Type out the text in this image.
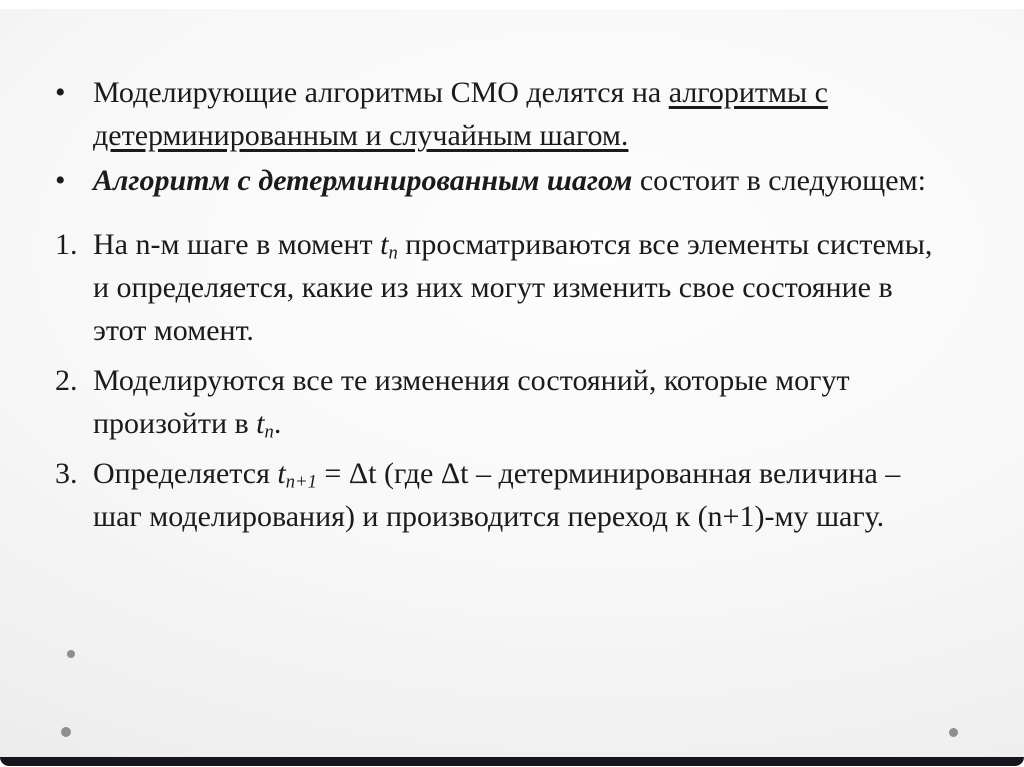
• Моделирующие алгоритмы СМО делятся на алгоритмы с детерминированным и случайным шагом.
• Алгоритм с детерминированным шагом состоит в следующем:
1. На n-м шаге в момент $t_n$ просматриваются все элементы системы, и определяется, какие из них могут изменить свое состояние в этот момент.
2. Моделируются все те изменения состояний, которые могут произойти в $t_n$.
3. Определяется $t_{n+1} = \Delta t$ (где Δt – детерминированная величина – шаг моделирования) и производится переход к (n+1)-му шагу.
